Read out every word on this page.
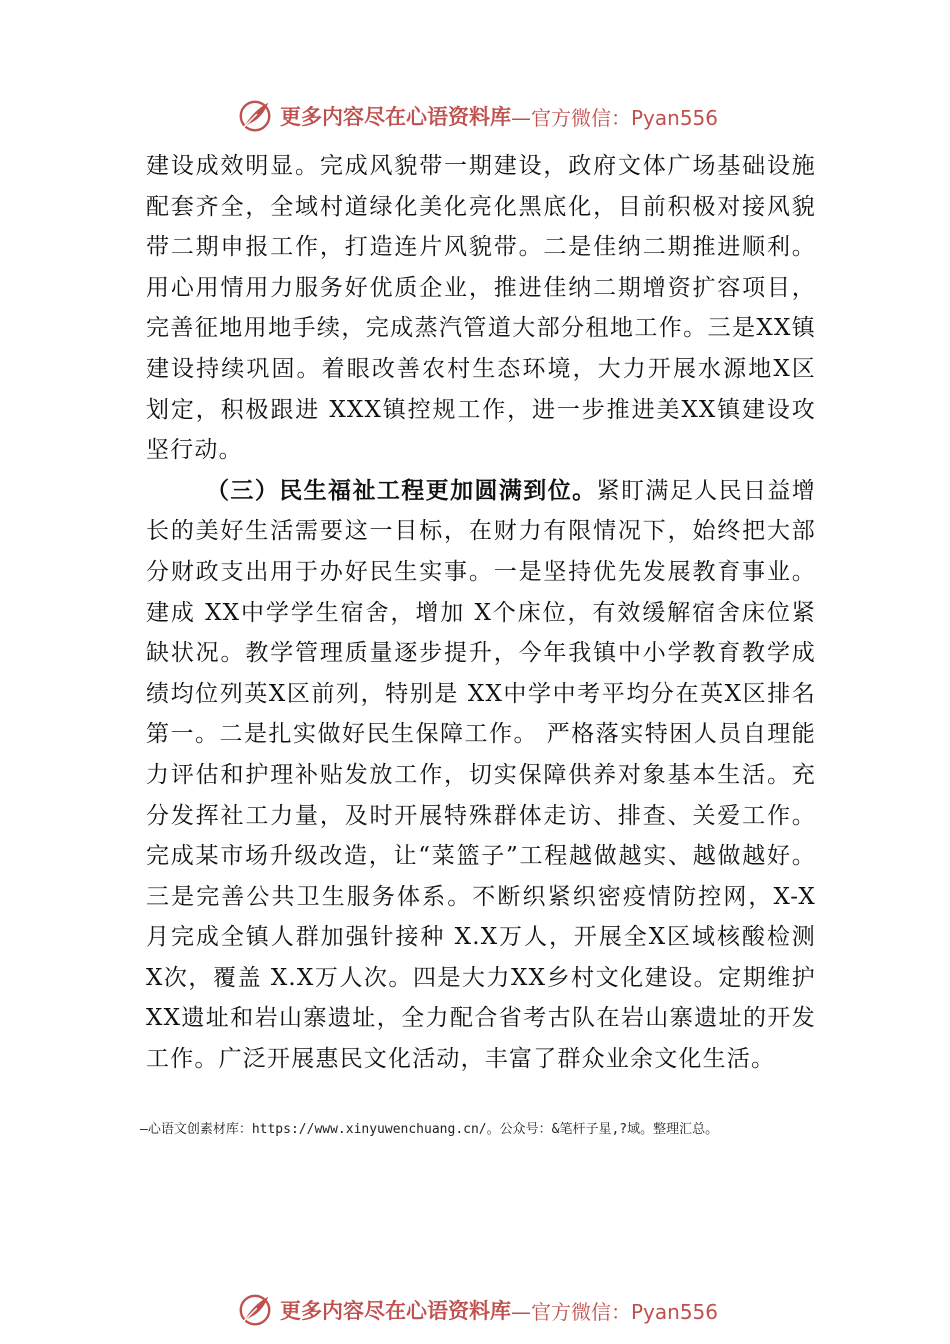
更多内容尽在心语资料库 —官方微信：Pyan556

建设成效明显。完成风貌带一期建设，政府文体广场基础设施配套齐全，全域村道绿化美化亮化黑底化，目前积极对接风貌带二期申报工作，打造连片风貌带。二是佳纳二期推进顺利。用心用情用力服务好优质企业，推进佳纳二期增资扩容项目，完善征地用地手续，完成蒸汽管道大部分租地工作。三是XX镇建设持续巩固。着眼改善农村生态环境，大力开展水源地X区划定，积极跟进 XXX镇控规工作，进一步推进美XX镇建设攻坚行动。

（三）民生福祉工程更加圆满到位。紧盯满足人民日益增长的美好生活需要这一目标，在财力有限情况下，始终把大部分财政支出用于办好民生实事。一是坚持优先发展教育事业。建成 XX中学学生宿舍，增加 X个床位，有效缓解宿舍床位紧缺状况。教学管理质量逐步提升，今年我镇中小学教育教学成绩均位列英X区前列，特别是 XX中学中考平均分在英X区排名第一。二是扎实做好民生保障工作。 严格落实特困人员自理能力评估和护理补贴发放工作，切实保障供养对象基本生活。充分发挥社工力量，及时开展特殊群体走访、排查、关爱工作。完成某市场升级改造，让“菜篮子”工程越做越实、越做越好。三是完善公共卫生服务体系。不断织紧织密疫情防控网，X-X月完成全镇人群加强针接种 X.X万人，开展全X区域核酸检测 X次，覆盖 X.X万人次。四是大力XX乡村文化建设。定期维护 XX遗址和岩山寨遗址，全力配合省考古队在岩山寨遗址的开发工作。广泛开展惠民文化活动，丰富了群众业余文化生活。

—心语文创素材库：https://www.xinyuwenchuang.cn/。公众号：&笔杆子星,?域。整理汇总。
更多内容尽在心语资料库 —官方微信：Pyan556
